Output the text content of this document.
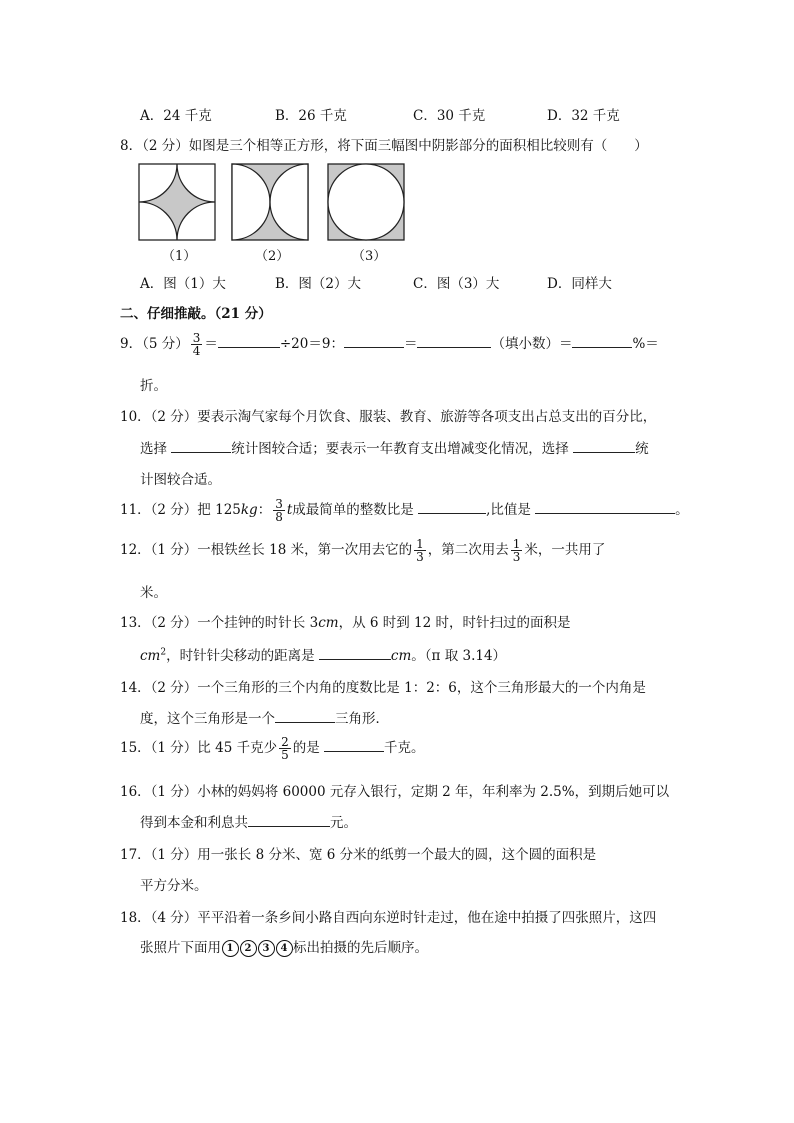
A．24 千克	B．26 千克	C．30 千克	D．32 千克
8．（2 分）如图是三个相等正方形，将下面三幅图中阴影部分的面积相比较则有（　　）
（1）	（2）	（3）
A．图（1）大	B．图（2）大	C．图（3）大	D．同样大
二、仔细推敲。（21 分）
9．（5 分） $\frac{3}{4}$ ＝	÷20＝9：	＝	（填小数）＝	%＝
折。
10．（2 分）要表示淘气家每个月饮食、服装、教育、旅游等各项支出占总支出的百分比，
选择	统计图较合适；要表示一年教育支出增减变化情况，选择	统
计图较合适。
11．（2 分）把 125kg： $\frac{3}{8}$ t成最简单的整数比是	,比值是	。
12．（1 分）一根铁丝长 18 米，第一次用去它的 $\frac{1}{3}$ ，第二次用去 $\frac{1}{3}$ 米，一共用了
米。
13．（2 分）一个挂钟的时针长 3cm，从 6 时到 12 时，时针扫过的面积是
$cm^2$，时针针尖移动的距离是	cm。（π 取 3.14）
14．（2 分）一个三角形的三个内角的度数比是 1：2：6，这个三角形最大的一个内角是
度，这个三角形是一个	三角形．
15．（1 分）比 45 千克少 $\frac{2}{5}$ 的是	千克。
16．（1 分）小林的妈妈将 60000 元存入银行，定期 2 年，年利率为 2.5%，到期后她可以
得到本金和利息共	元。
17．（1 分）用一张长 8 分米、宽 6 分米的纸剪一个最大的圆，这个圆的面积是
平方分米。
18．（4 分）平平沿着一条乡间小路自西向东逆时针走过，他在途中拍摄了四张照片，这四
张照片下面用 1 2 3 4 标出拍摄的先后顺序。
